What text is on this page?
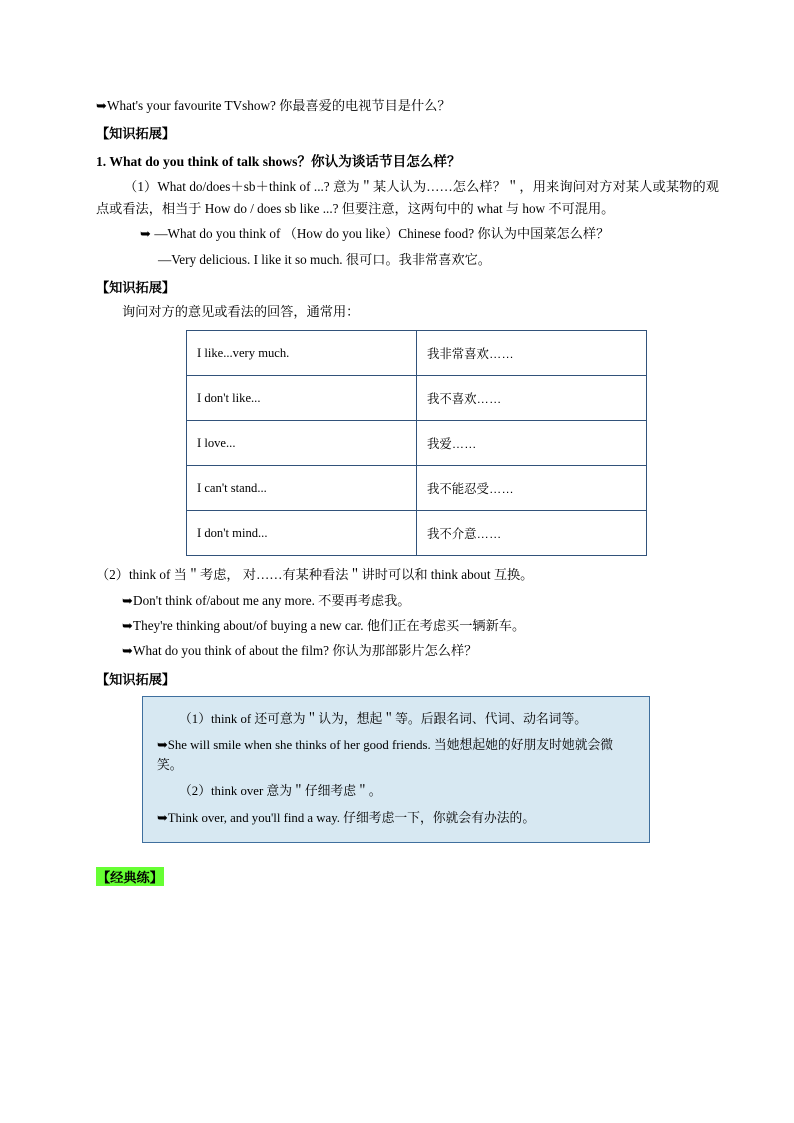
➥What's your favourite TVshow? 你最喜爱的电视节目是什么？

【知识拓展】

1. What do you think of talk shows？你认为谈话节目怎么样？

（1）What do/does＋sb＋think of ...? 意为＂某人认为……怎么样？＂，用来询问对方对某人或某物的观点或看法，相当于 How do / does sb like ...? 但要注意，这两句中的 what 与 how 不可混用。

➥ —What do you think of （How do you like）Chinese food? 你认为中国菜怎么样？

—Very delicious. I like it so much. 很可口。我非常喜欢它。

【知识拓展】

询问对方的意见或看法的回答，通常用：

I like...very much.	我非常喜欢……
I don't like...	我不喜欢……
I love...	我爱……
I can't stand...	我不能忍受……
I don't mind...	我不介意……

（2）think of 当＂考虑， 对……有某种看法＂讲时可以和 think about 互换。

➥Don't think of/about me any more. 不要再考虑我。

➥They're thinking about/of buying a new car. 他们正在考虑买一辆新车。

➥What do you think of about the film? 你认为那部影片怎么样？

【知识拓展】

（1）think of 还可意为＂认为，想起＂等。后跟名词、代词、动名词等。

➥She will smile when she thinks of her good friends. 当她想起她的好朋友时她就会微笑。

（2）think over 意为＂仔细考虑＂。

➥Think over, and you'll find a way. 仔细考虑一下，你就会有办法的。

【经典练】
